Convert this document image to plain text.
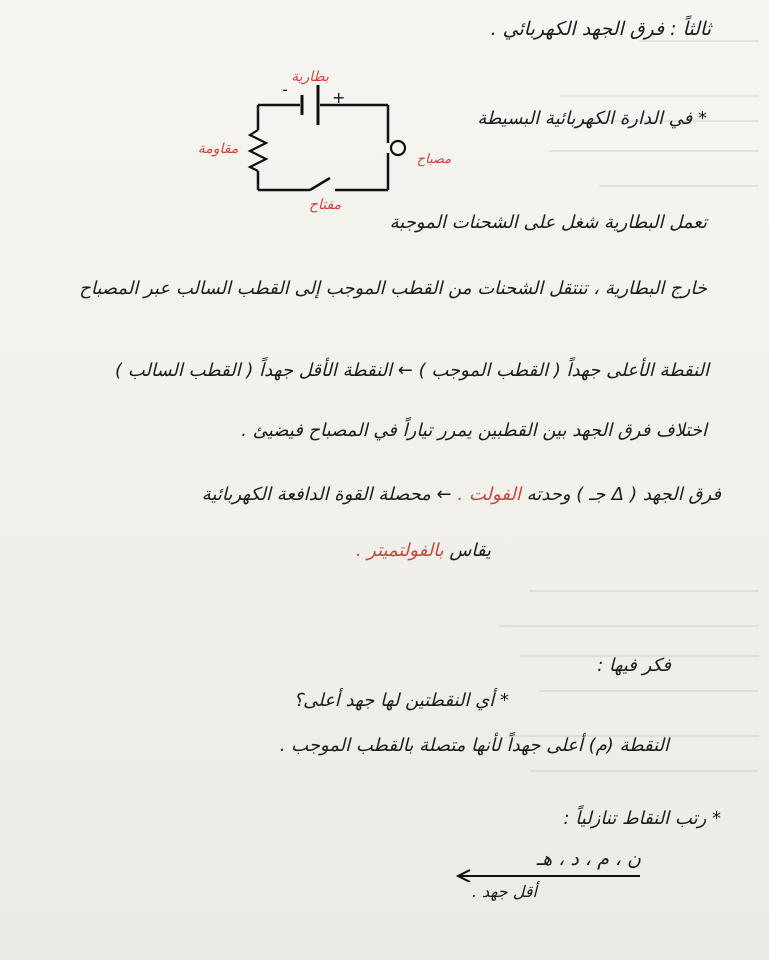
ثالثاً : فرق الجهد الكهربائي .
-	+
بطارية
مقاومة
مصباح
مفتاح
* في الدارة الكهربائية البسيطة
تعمل البطارية شغل على الشحنات الموجبة
خارج البطارية ، تنتقل الشحنات من القطب الموجب إلى القطب السالب عبر المصباح
النقطة الأعلى جهداً ( القطب الموجب ) ← النقطة الأقل جهداً ( القطب السالب )
اختلاف فرق الجهد بين القطبين يمرر تياراً في المصباح فيضيئ .
فرق الجهد ( Δ جـ ) وحدته الفولت . ← محصلة القوة الدافعة الكهربائية
يقاس بالفولتميتر .
فكر فيها :
* أي النقطتين لها جهد أعلى؟
النقطة (م) أعلى جهداً لأنها متصلة بالقطب الموجب .
* رتب النقاط تنازلياً :
ن ، م ، د ، هـ
أقل جهد .
